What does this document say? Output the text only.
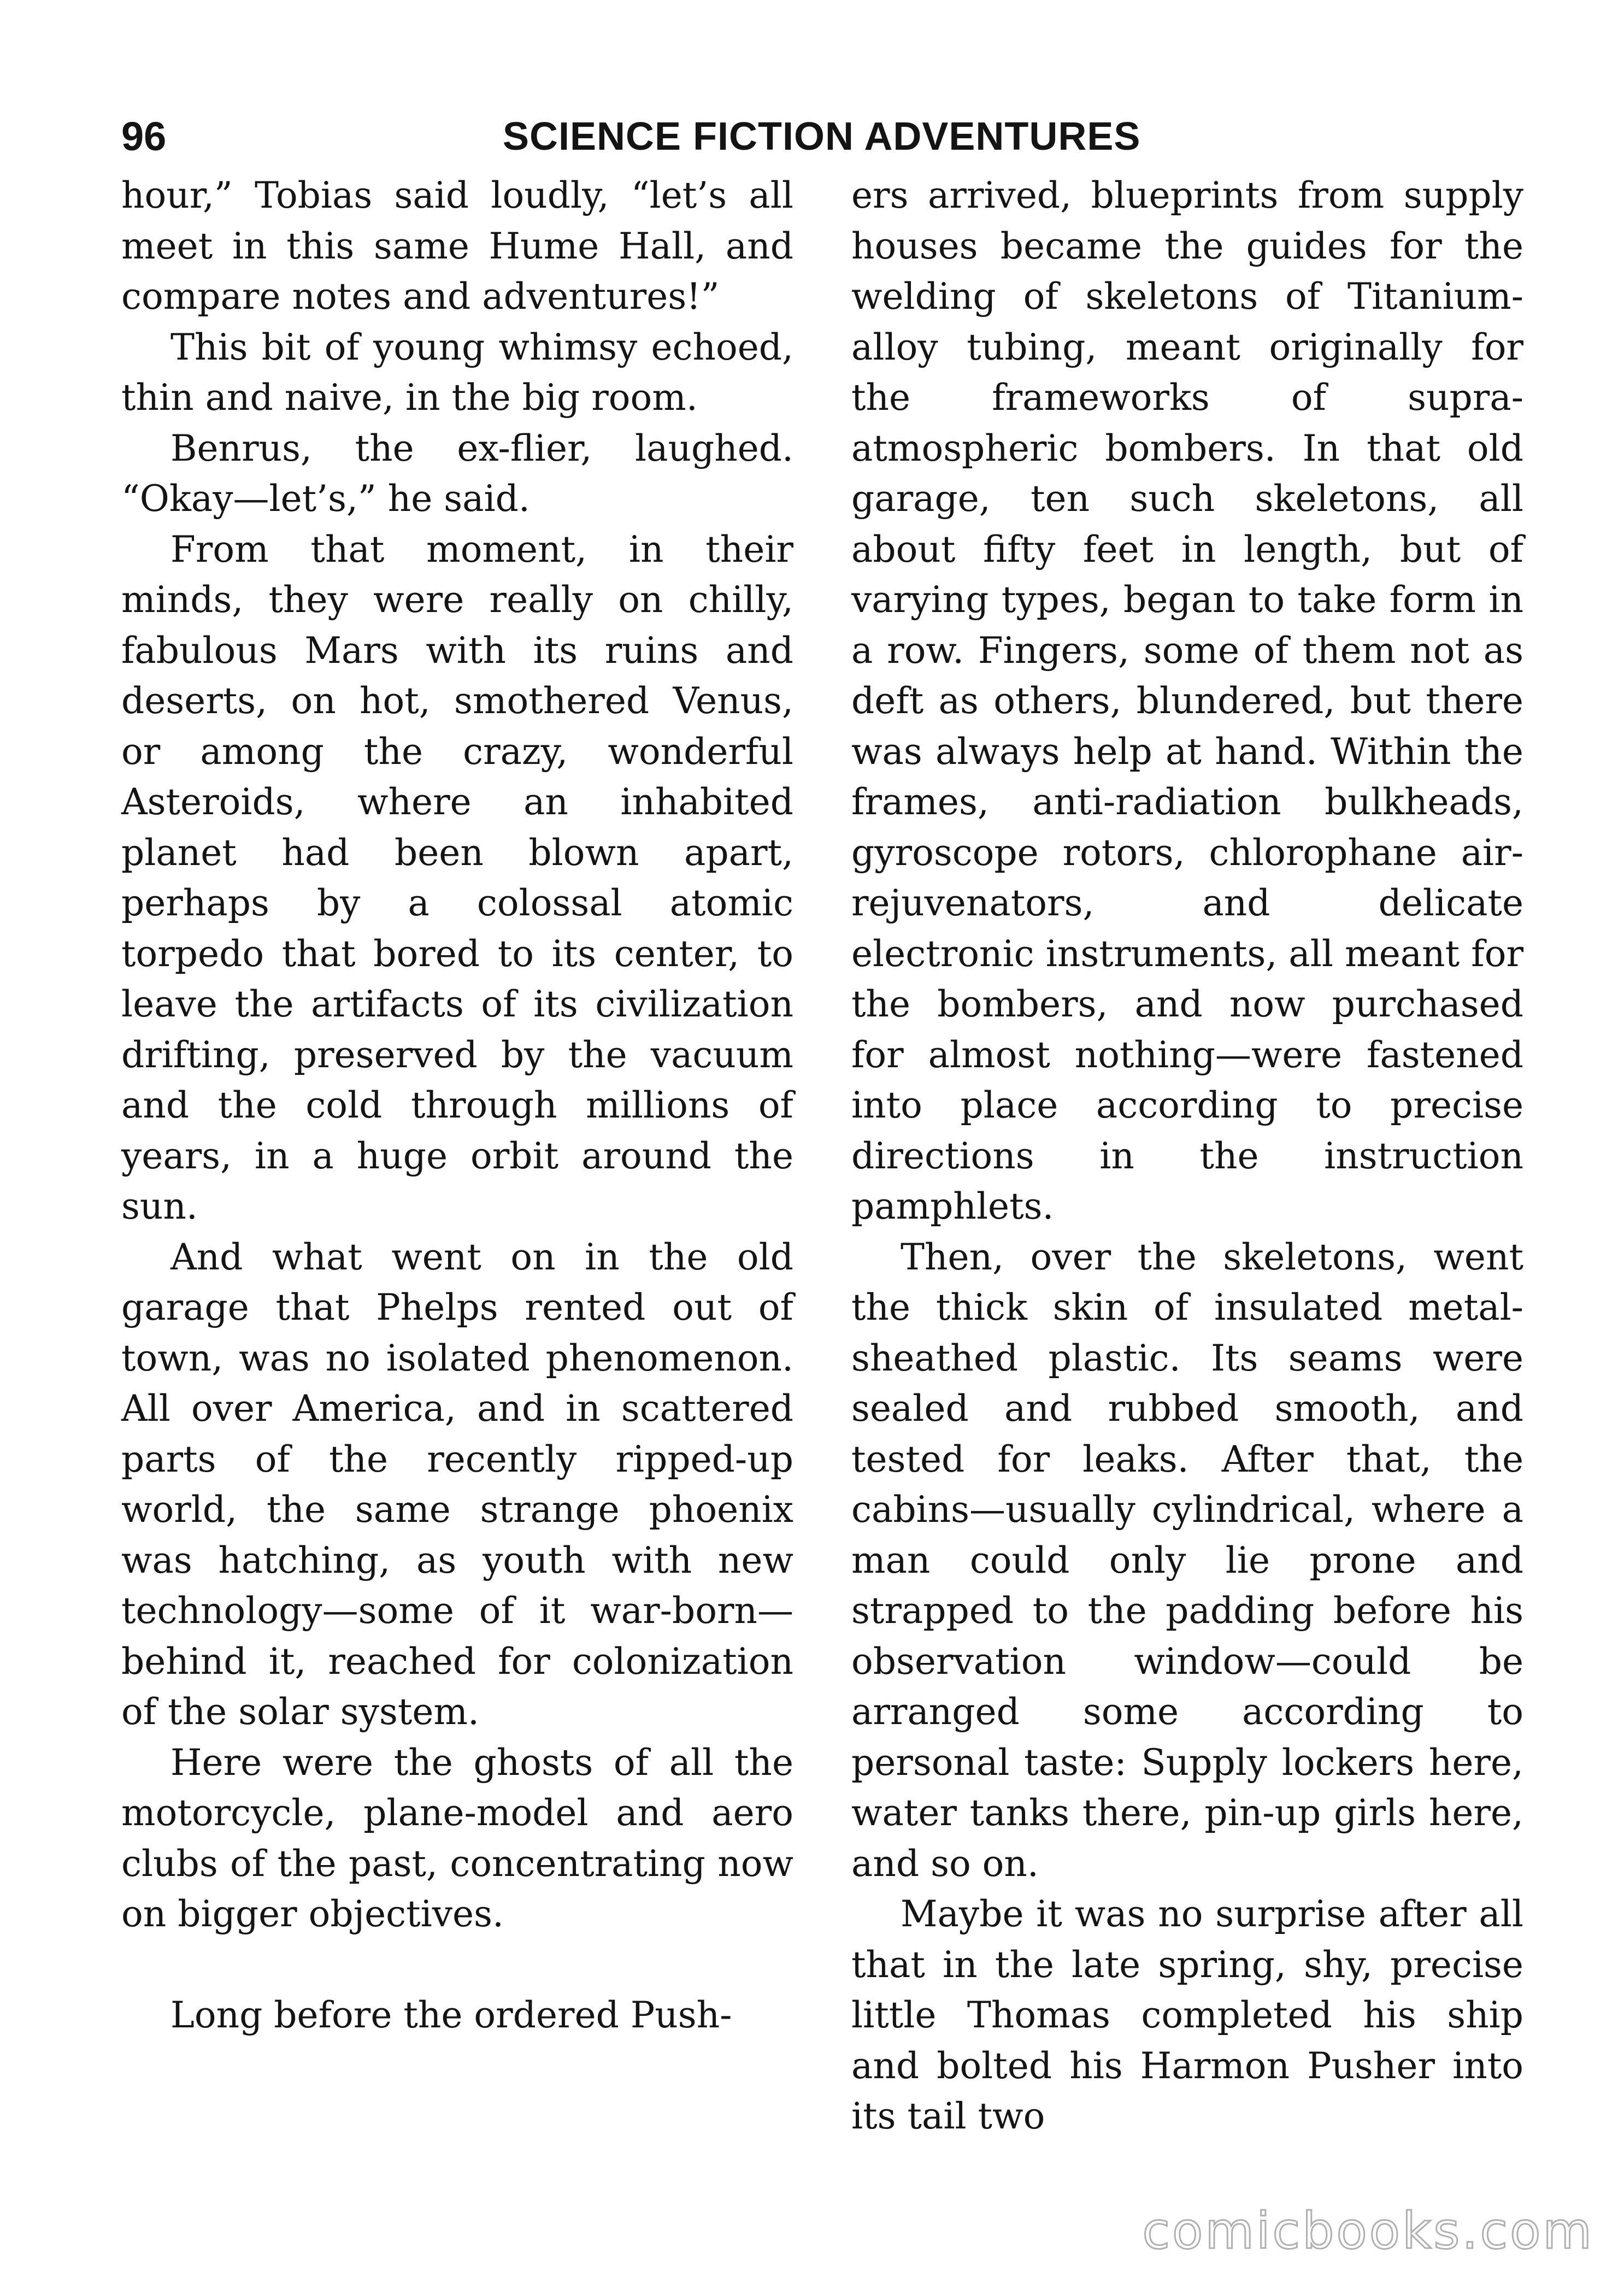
96	SCIENCE FICTION ADVENTURES

hour,” Tobias said loudly, “let’s all meet in this same Hume Hall, and compare notes and adventures!”

This bit of young whimsy echoed, thin and naive, in the big room.

Benrus, the ex-flier, laughed. “Okay—let’s,” he said.

From that moment, in their minds, they were really on chilly, fabulous Mars with its ruins and deserts, on hot, smothered Venus, or among the crazy, wonderful Asteroids, where an inhabited planet had been blown apart, perhaps by a colossal atomic torpedo that bored to its center, to leave the artifacts of its civilization drifting, preserved by the vacuum and the cold through millions of years, in a huge orbit around the sun.

And what went on in the old garage that Phelps rented out of town, was no isolated phenomenon. All over America, and in scattered parts of the recently ripped-up world, the same strange phoenix was hatching, as youth with new technology—some of it war-born—behind it, reached for colonization of the solar system.

Here were the ghosts of all the motorcycle, plane-model and aero clubs of the past, concentrating now on bigger objectives.

Long before the ordered Push-

ers arrived, blueprints from supply houses became the guides for the welding of skeletons of Titanium-alloy tubing, meant originally for the frameworks of supra-atmospheric bombers. In that old garage, ten such skeletons, all about fifty feet in length, but of varying types, began to take form in a row. Fingers, some of them not as deft as others, blundered, but there was always help at hand. Within the frames, anti-radiation bulkheads, gyroscope rotors, chlorophane air-rejuvenators, and delicate electronic instruments, all meant for the bombers, and now purchased for almost nothing—were fastened into place according to precise directions in the instruction pamphlets.

Then, over the skeletons, went the thick skin of insulated metal-sheathed plastic. Its seams were sealed and rubbed smooth, and tested for leaks. After that, the cabins—usually cylindrical, where a man could only lie prone and strapped to the padding before his observation window—could be arranged some according to personal taste: Supply lockers here, water tanks there, pin-up girls here, and so on.

Maybe it was no surprise after all that in the late spring, shy, precise little Thomas completed his ship and bolted his Harmon Pusher into its tail two

comicbooks.com
